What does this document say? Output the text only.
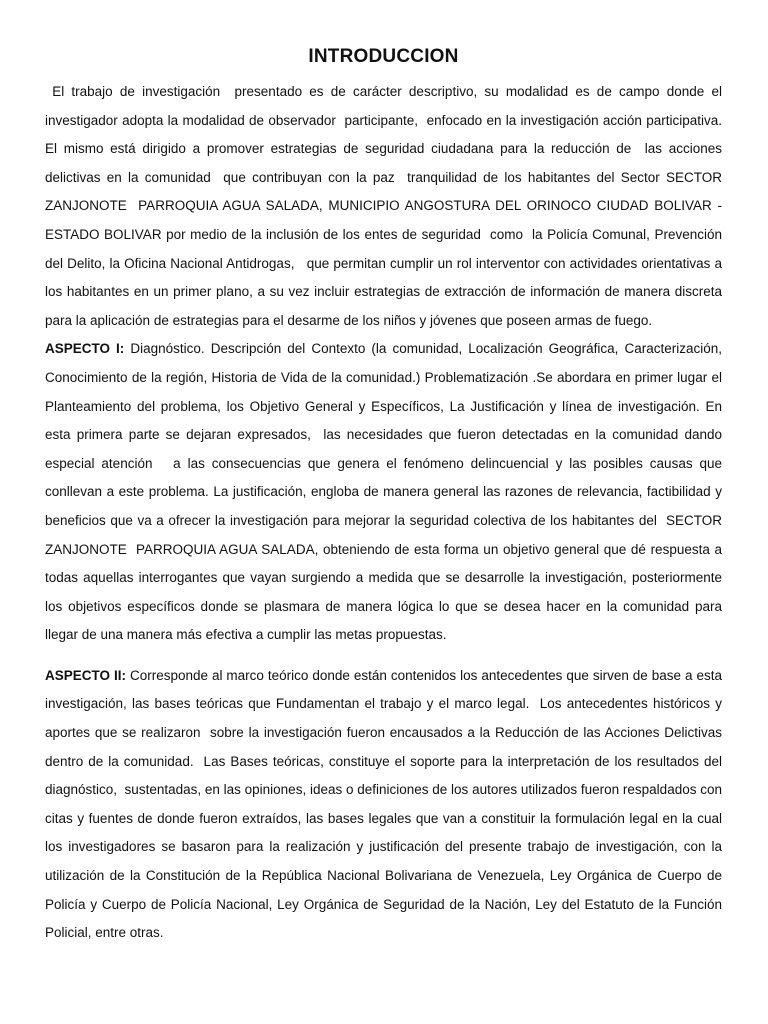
INTRODUCCION

El trabajo de investigación  presentado es de carácter descriptivo, su modalidad es de campo donde el investigador adopta la modalidad de observador  participante,  enfocado en la investigación acción participativa. El mismo está dirigido a promover estrategias de seguridad ciudadana para la reducción de  las acciones delictivas en la comunidad  que contribuyan con la paz  tranquilidad de los habitantes del Sector SECTOR ZANJONOTE  PARROQUIA AGUA SALADA, MUNICIPIO ANGOSTURA DEL ORINOCO CIUDAD BOLIVAR - ESTADO BOLIVAR por medio de la inclusión de los entes de seguridad  como  la Policía Comunal, Prevención del Delito, la Oficina Nacional Antidrogas,   que permitan cumplir un rol interventor con actividades orientativas a los habitantes en un primer plano, a su vez incluir estrategias de extracción de información de manera discreta  para la aplicación de estrategias para el desarme de los niños y jóvenes que poseen armas de fuego.

ASPECTO I: Diagnóstico. Descripción del Contexto (la comunidad, Localización Geográfica, Caracterización, Conocimiento de la región, Historia de Vida de la comunidad.) Problematización .Se abordara en primer lugar el Planteamiento del problema, los Objetivo General y Específicos, La Justificación y línea de investigación. En esta primera parte se dejaran expresados,  las necesidades que fueron detectadas en la comunidad dando especial atención   a las consecuencias que genera el fenómeno delincuencial y las posibles causas que conllevan a este problema. La justificación, engloba de manera general las razones de relevancia, factibilidad y beneficios que va a ofrecer la investigación para mejorar la seguridad colectiva de los habitantes del  SECTOR ZANJONOTE  PARROQUIA AGUA SALADA, obteniendo de esta forma un objetivo general que dé respuesta a todas aquellas interrogantes que vayan surgiendo a medida que se desarrolle la investigación, posteriormente los objetivos específicos donde se plasmara de manera lógica lo que se desea hacer en la comunidad para llegar de una manera más efectiva a cumplir las metas propuestas.

ASPECTO II: Corresponde al marco teórico donde están contenidos los antecedentes que sirven de base a esta investigación, las bases teóricas que Fundamentan el trabajo y el marco legal.  Los antecedentes históricos y aportes que se realizaron  sobre la investigación fueron encausados a la Reducción de las Acciones Delictivas dentro de la comunidad.  Las Bases teóricas, constituye el soporte para la interpretación de los resultados del diagnóstico,  sustentadas, en las opiniones, ideas o definiciones de los autores utilizados fueron respaldados con citas y fuentes de donde fueron extraídos, las bases legales que van a constituir la formulación legal en la cual los investigadores se basaron para la realización y justificación del presente trabajo de investigación, con la utilización de la Constitución de la República Nacional Bolivariana de Venezuela, Ley Orgánica de Cuerpo de Policía y Cuerpo de Policía Nacional, Ley Orgánica de Seguridad de la Nación, Ley del Estatuto de la Función Policial, entre otras.
